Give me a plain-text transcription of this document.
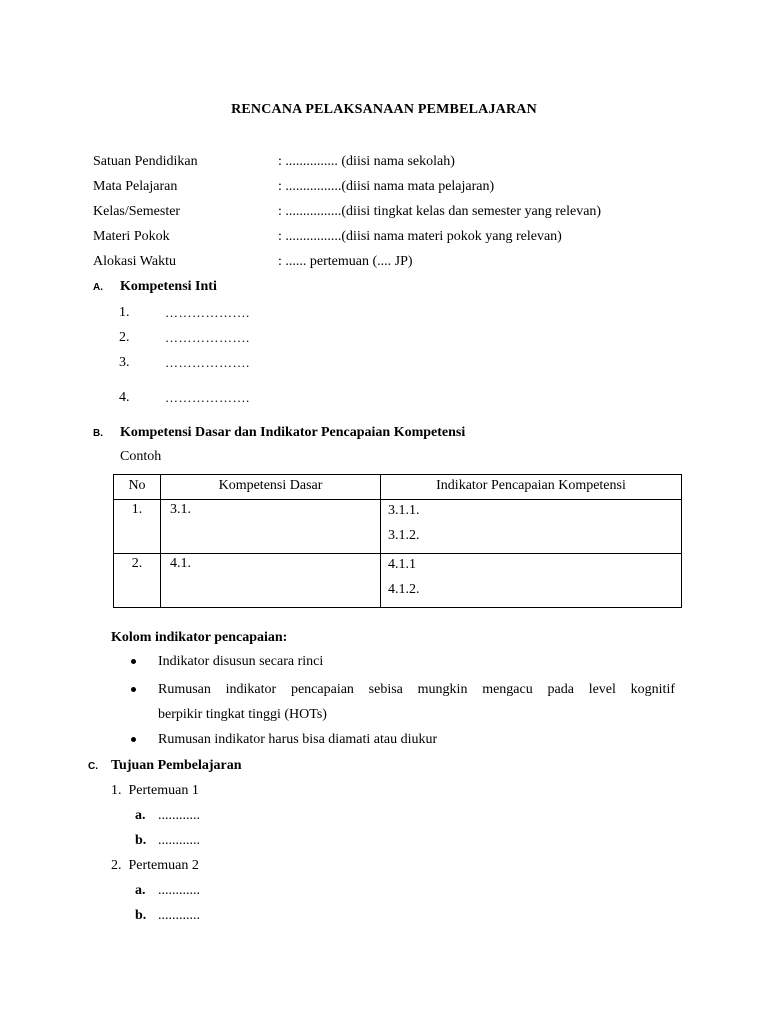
RENCANA PELAKSANAAN PEMBELAJARAN
Satuan Pendidikan	: ............... (diisi nama sekolah)
Mata Pelajaran	: ................(diisi nama mata pelajaran)
Kelas/Semester	: ................(diisi tingkat kelas dan semester yang relevan)
Materi Pokok	: ................(diisi nama materi pokok yang relevan)
Alokasi Waktu	: ...... pertemuan (.... JP)
A. Kompetensi Inti
1.	……………….
2.	……………….
3.	……………….
4.	……………….
B. Kompetensi Dasar dan Indikator Pencapaian Kompetensi
Contoh
No	Kompetensi Dasar	Indikator Pencapaian Kompetensi
1.	3.1.	3.1.1.
3.1.2.

2.	4.1.	4.1.1
4.1.2.
Kolom indikator pencapaian:
Indikator disusun secara rinci
Rumusan indikator pencapaian sebisa mungkin mengacu pada level kognitif
berpikir tingkat tinggi (HOTs)
Rumusan indikator harus bisa diamati atau diukur
C. Tujuan Pembelajaran
1.  Pertemuan 1
a. ............
b. ............
2.  Pertemuan 2
a. ............
b. ............
